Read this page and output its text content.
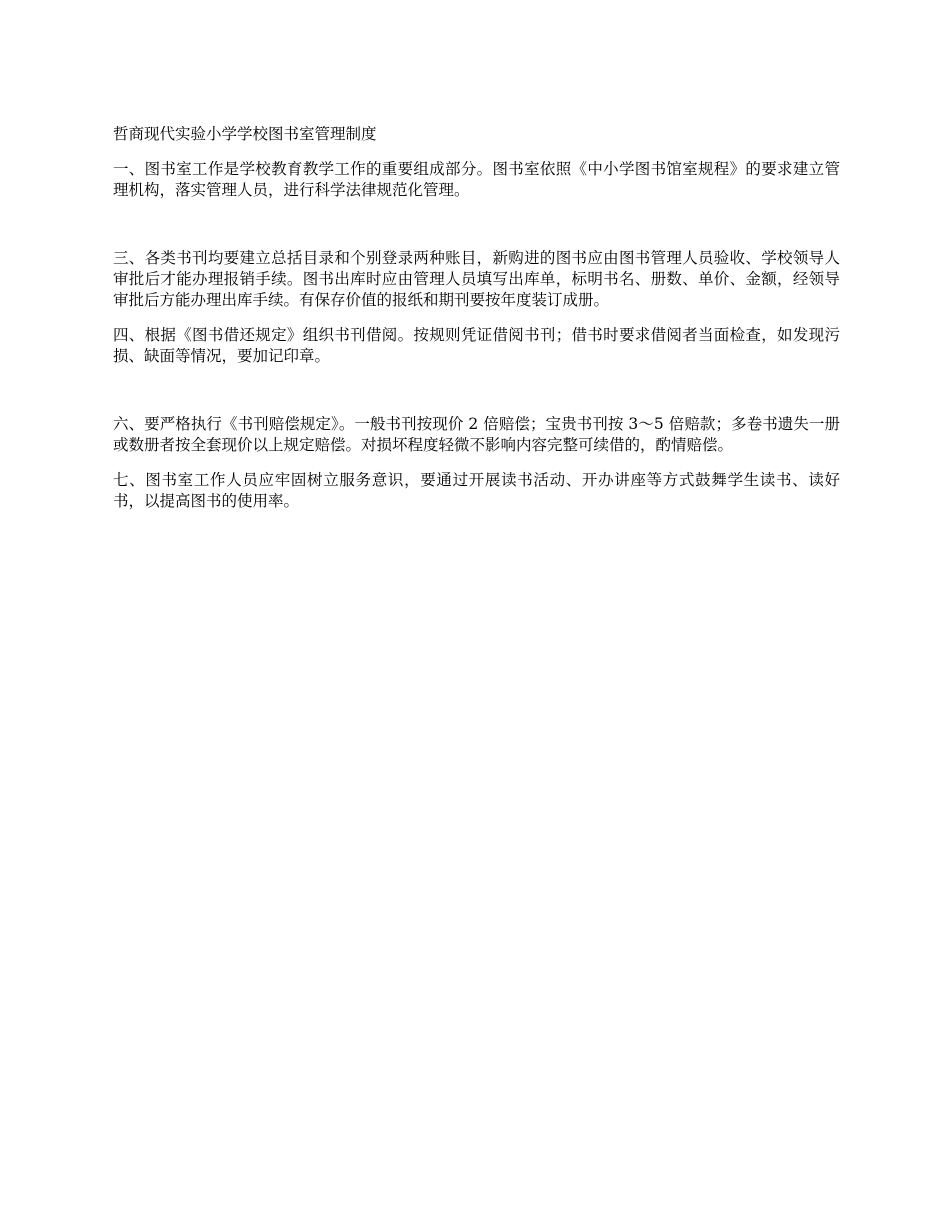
哲商现代实验小学学校图书室管理制度

一、图书室工作是学校教育教学工作的重要组成部分。图书室依照《中小学图书馆室规程》的要求建立管理机构，落实管理人员，进行科学法律规范化管理。

三、各类书刊均要建立总括目录和个别登录两种账目，新购进的图书应由图书管理人员验收、学校领导人审批后才能办理报销手续。图书出库时应由管理人员填写出库单，标明书名、册数、单价、金额，经领导审批后方能办理出库手续。有保存价值的报纸和期刊要按年度装订成册。

四、根据《图书借还规定》组织书刊借阅。按规则凭证借阅书刊；借书时要求借阅者当面检查，如发现污损、缺面等情况，要加记印章。

六、要严格执行《书刊赔偿规定》。一般书刊按现价 2 倍赔偿；宝贵书刊按 3～5 倍赔款；多卷书遗失一册或数册者按全套现价以上规定赔偿。对损坏程度轻微不影响内容完整可续借的，酌情赔偿。

七、图书室工作人员应牢固树立服务意识，要通过开展读书活动、开办讲座等方式鼓舞学生读书、读好书，以提高图书的使用率。
